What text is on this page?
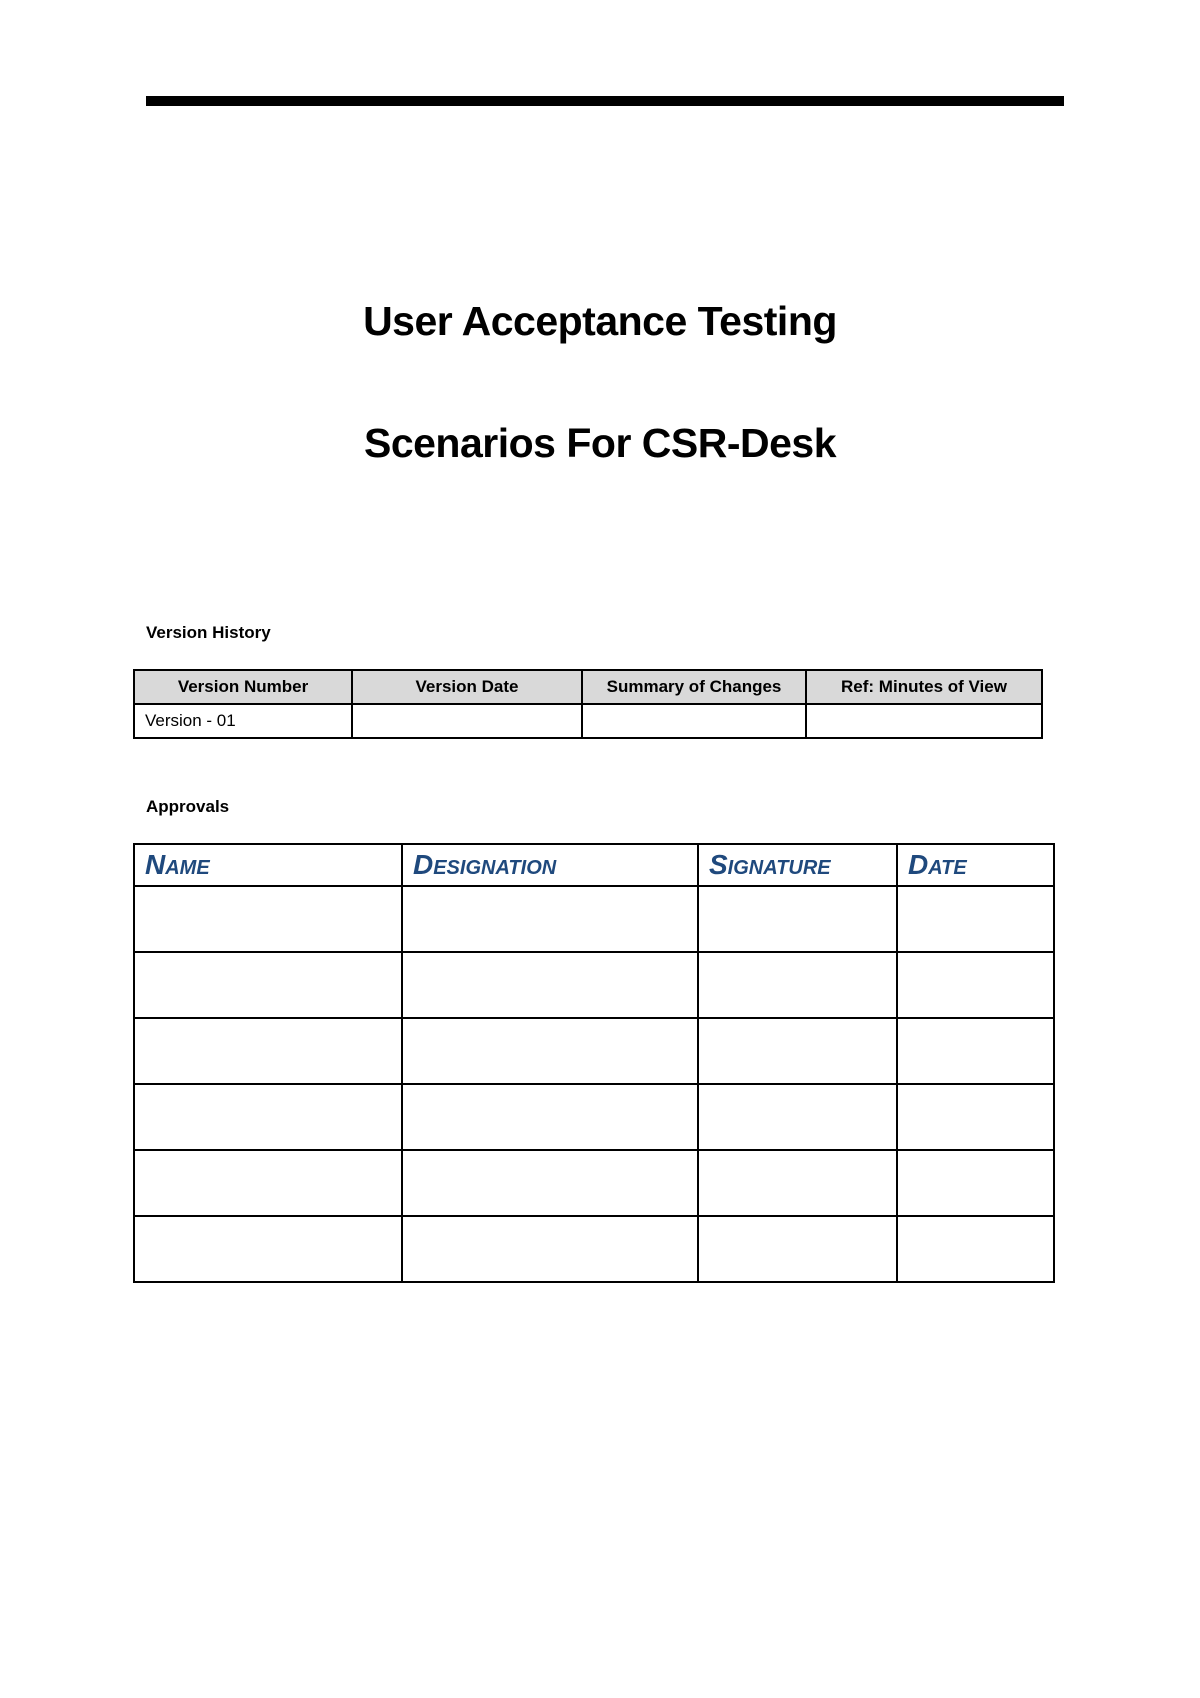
User Acceptance Testing
Scenarios For CSR-Desk

Version History

Version Number	Version Date	Summary of Changes	Ref: Minutes of View
Version - 01			

Approvals

Name	Designation	Signature	Date
